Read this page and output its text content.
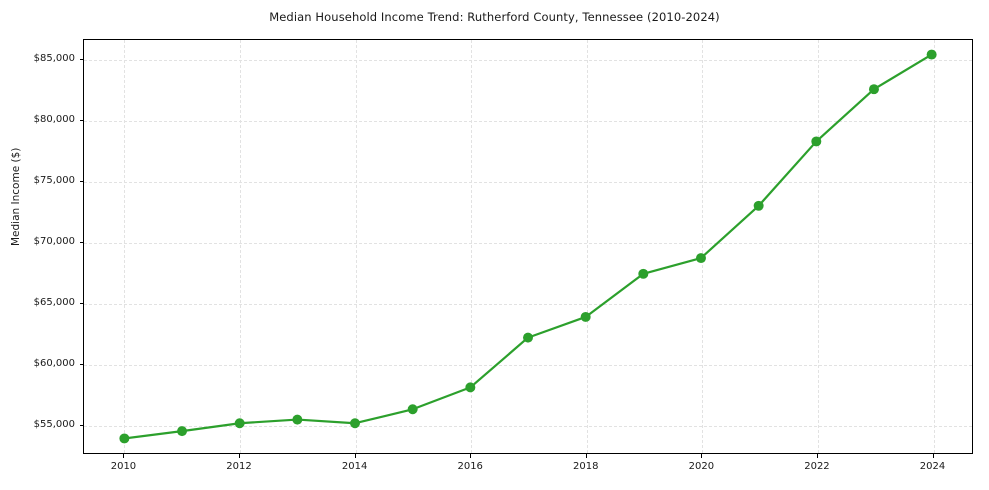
Median Household Income Trend: Rutherford County, Tennessee (2010-2024)
Median Income ($)
$55,000
$60,000
$65,000
$70,000
$75,000
$80,000
$85,000
2010	2012	2014	2016	2018	2020	2022	2024
